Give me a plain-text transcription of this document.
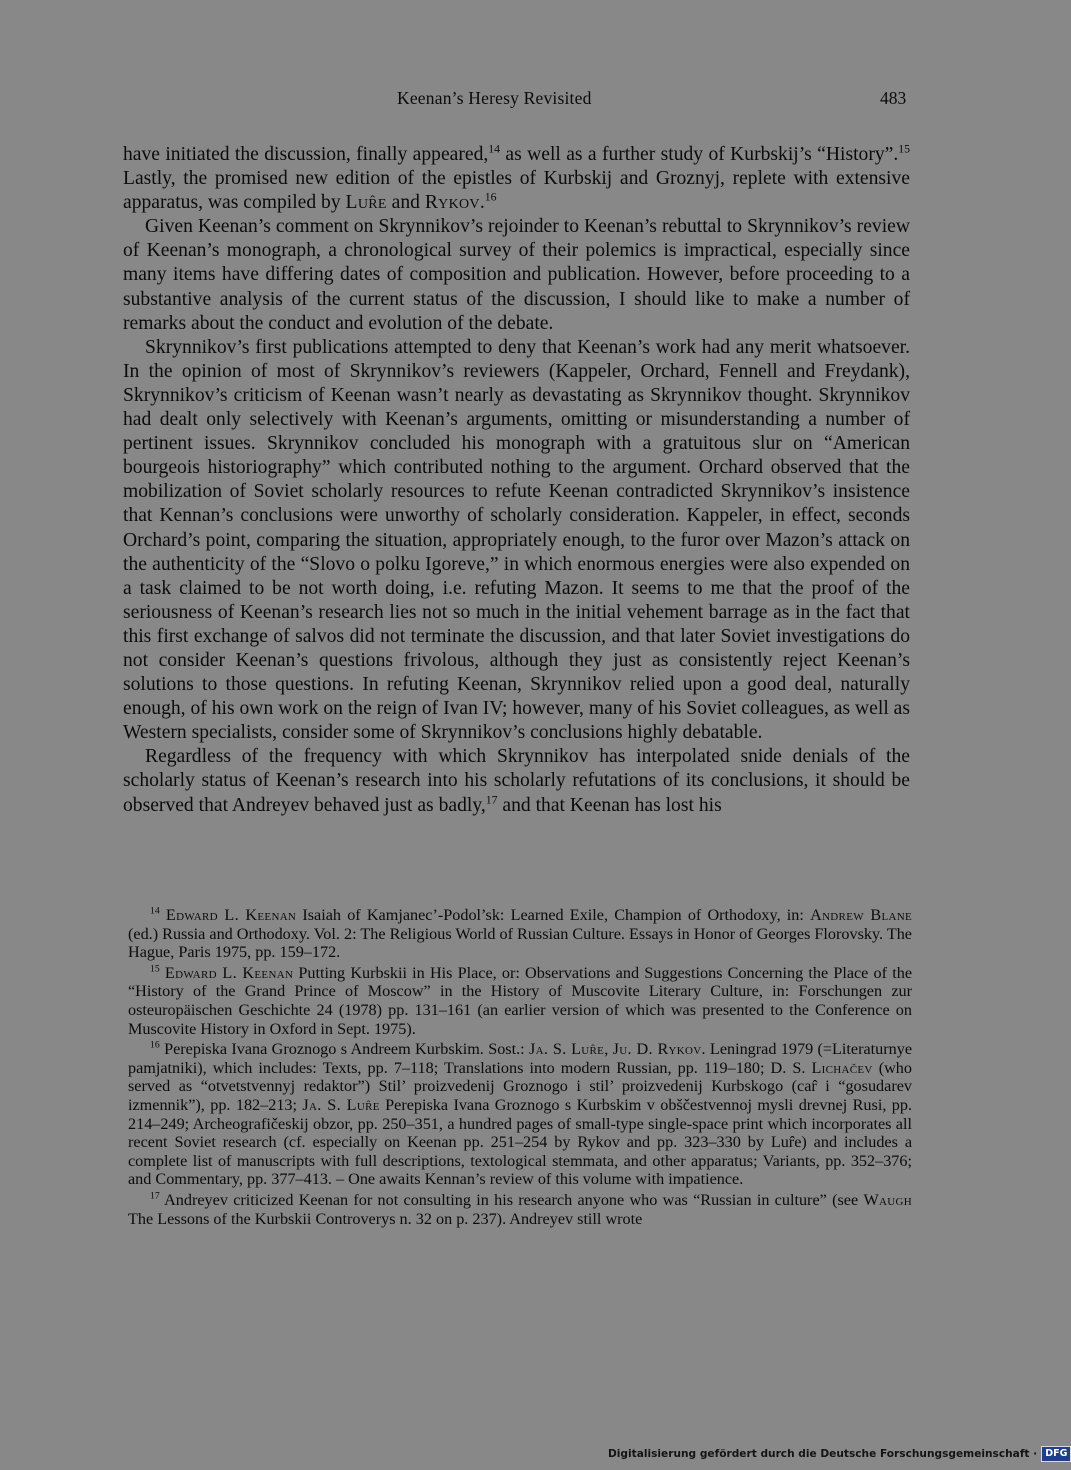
Keenan’s Heresy Revisited	483

have initiated the discussion, finally appeared,$^{14}$ as well as a further study of Kurbskij’s “History”.$^{15}$ Lastly, the promised new edition of the epistles of Kurbskij and Groznyj, replete with extensive apparatus, was compiled by Lur̂e and Rykov.$^{16}$

Given Keenan’s comment on Skrynnikov’s rejoinder to Keenan’s rebuttal to Skrynnikov’s review of Keenan’s monograph, a chronological survey of their polemics is impractical, especially since many items have differing dates of composition and publication. However, before proceeding to a substantive analysis of the current status of the discussion, I should like to make a number of remarks about the conduct and evolution of the debate.

Skrynnikov’s first publications attempted to deny that Keenan’s work had any merit whatsoever. In the opinion of most of Skrynnikov’s reviewers (Kappeler, Orchard, Fennell and Freydank), Skrynnikov’s criticism of Keenan wasn’t nearly as devastating as Skrynnikov thought. Skrynnikov had dealt only selectively with Keenan’s arguments, omitting or misunderstanding a number of pertinent issues. Skrynnikov concluded his monograph with a gratuitous slur on “American bourgeois historiography” which contributed nothing to the argument. Orchard observed that the mobilization of Soviet scholarly resources to refute Keenan contradicted Skrynnikov’s insistence that Kennan’s conclusions were unworthy of scholarly consideration. Kappeler, in effect, seconds Orchard’s point, comparing the situation, appropriately enough, to the furor over Mazon’s attack on the authenticity of the “Slovo o polku Igoreve,” in which enormous energies were also expended on a task claimed to be not worth doing, i.e. refuting Mazon. It seems to me that the proof of the seriousness of Keenan’s research lies not so much in the initial vehement barrage as in the fact that this first exchange of salvos did not terminate the discussion, and that later Soviet investigations do not consider Keenan’s questions frivolous, although they just as consistently reject Keenan’s solutions to those questions. In refuting Keenan, Skrynnikov relied upon a good deal, naturally enough, of his own work on the reign of Ivan IV; however, many of his Soviet colleagues, as well as Western specialists, consider some of Skrynnikov’s conclusions highly debatable.

Regardless of the frequency with which Skrynnikov has interpolated snide denials of the scholarly status of Keenan’s research into his scholarly refutations of its conclusions, it should be observed that Andreyev behaved just as badly,$^{17}$ and that Keenan has lost his

$^{14}$ Edward L. Keenan Isaiah of Kamjanec’-Podol’sk: Learned Exile, Champion of Orthodoxy, in: Andrew Blane (ed.) Russia and Orthodoxy. Vol. 2: The Religious World of Russian Culture. Essays in Honor of Georges Florovsky. The Hague, Paris 1975, pp. 159–172.

$^{15}$ Edward L. Keenan Putting Kurbskii in His Place, or: Observations and Suggestions Concerning the Place of the “History of the Grand Prince of Moscow” in the History of Muscovite Literary Culture, in: Forschungen zur osteuropäischen Geschichte 24 (1978) pp. 131–161 (an earlier version of which was presented to the Conference on Muscovite History in Oxford in Sept. 1975).

$^{16}$ Perepiska Ivana Groznogo s Andreem Kurbskim. Sost.: Ja. S. Lur̂e, Ju. D. Rykov. Leningrad 1979 (=Literaturnye pamjatniki), which includes: Texts, pp. 7–118; Translations into modern Russian, pp. 119–180; D. S. Lichačev (who served as “otvetstvennyj redaktor”) Stil’ proizvedenij Groznogo i stil’ proizvedenij Kurbskogo (car̂ i “gosudarev izmennik”), pp. 182–213; Ja. S. Lur̂e Perepiska Ivana Groznogo s Kurbskim v obščestvennoj mysli drevnej Rusi, pp. 214–249; Archeografičeskij obzor, pp. 250–351, a hundred pages of small-type single-space print which incorporates all recent Soviet research (cf. especially on Keenan pp. 251–254 by Rykov and pp. 323–330 by Lur̂e) and includes a complete list of manuscripts with full descriptions, textological stemmata, and other apparatus; Variants, pp. 352–376; and Commentary, pp. 377–413. – One awaits Kennan’s review of this volume with impatience.

$^{17}$ Andreyev criticized Keenan for not consulting in his research anyone who was “Russian in culture” (see Waugh The Lessons of the Kurbskii Controverys n. 32 on p. 237). Andreyev still wrote

Digitalisierung gefördert durch die Deutsche Forschungsgemeinschaft · DFG
